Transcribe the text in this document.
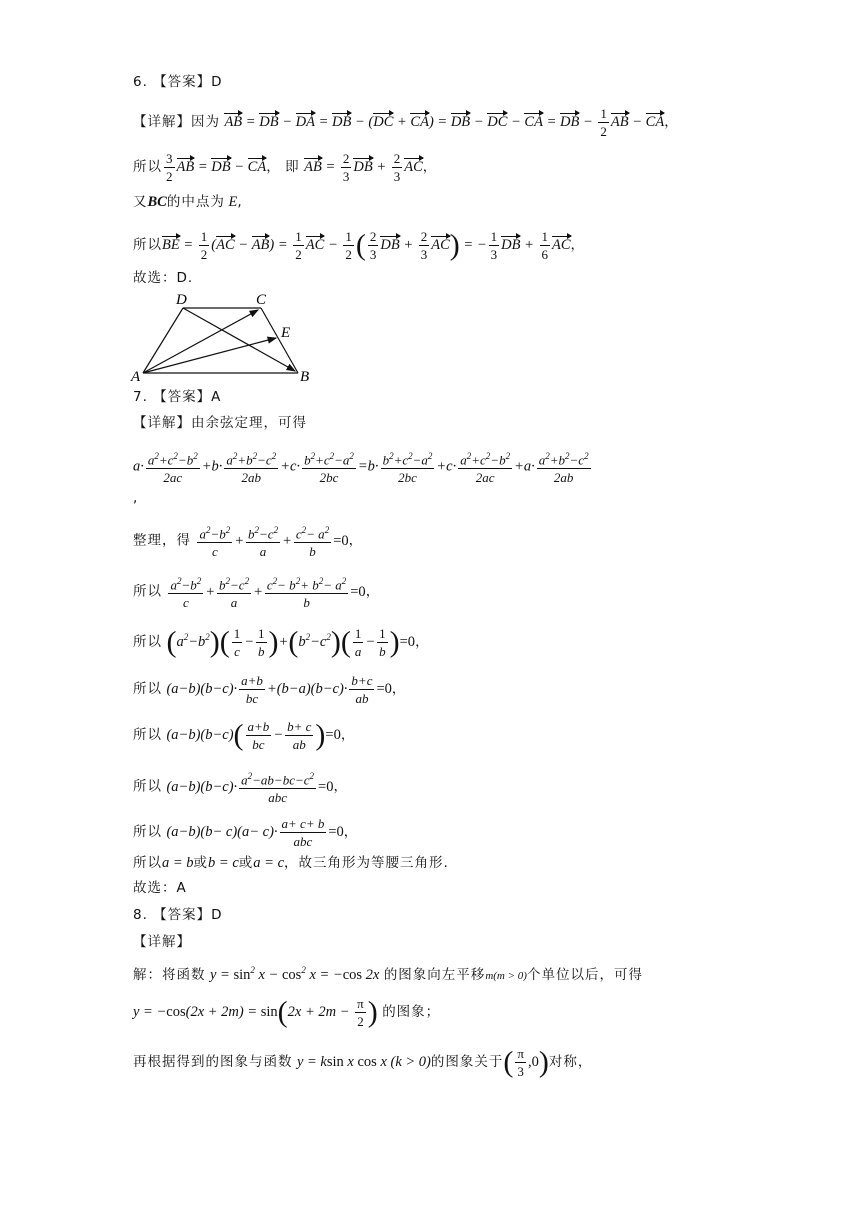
6. 【答案】D
【详解】因为 AB = DB − DA = DB − (DC + CA) = DB − DC − CA = DB − $\frac{1}{2}$ AB − CA，
所以 $\frac{3}{2}$ AB = DB − CA， 即 AB = $\frac{2}{3}$ DB + $\frac{2}{3}$ AC，
又BC的中点为 E,
所以BE = $\frac{1}{2} (AC - AB) = \frac{1}{2}$ AC − $\frac{1}{2}$ ( $\frac{2}{3}$ DB + $\frac{2}{3} AC$) = − $\frac{1}{3}$ DB + $\frac{1}{6}$ AC，
故选：D.
D	C
E
A	B
7. 【答案】A
【详解】由余弦定理，可得
$a\cdot \frac{a^2+c^2-b^2}{2ac} +b\cdot \frac{a^2+b^2-c^2}{2ab} +c\cdot \frac{b^2+c^2-a^2}{2bc} =b\cdot \frac{b^2+c^2-a^2}{2bc} +c\cdot \frac{a^2+c^2-b^2}{2ac} +a\cdot \frac{a^2+b^2-c^2}{2ab}$
,
整理，得 $\frac{a^2-b^2}{c} + \frac{b^2-c^2}{a} + \frac{c^2- a^2}{b} =0$，
所以 $\frac{a^2-b^2}{c} + \frac{b^2-c^2}{a} + \frac{c^2- b^2+ b^2- a^2}{b} =0$，
所以 $(a^2-b^2)( \frac{1}{c} - \frac{1}{b} )+(b^2-c^2)( \frac{1}{a} - \frac{1}{b} )=0$，
所以 $(a-b)(b-c)\cdot \frac{a+b}{bc} +(b-a)(b-c)\cdot \frac{b+c}{ab} =0$，
所以 $(a-b)(b-c)( \frac{a+b}{bc} - \frac{b+ c}{ab} )=0$，
所以 $(a-b)(b-c)\cdot \frac{a^2-ab-bc-c^2}{\text{abc}} =0$，
所以 $(a-b)(b- c)(a- c)\cdot \frac{a+ c+ b}{\text{abc}} =0$，
所以a = b或b = c或a = c，故三角形为等腰三角形.
故选：A
8. 【答案】D
【详解】
解：将函数 $y = \sin^2 x - \cos^2 x = -\cos$ 2x 的图象向左平移m(m > 0)个单位以后，可得
$y = -\cos(2x + 2m) = \sin(2x + 2m - \frac{\pi}{2}$ ) 的图象；
再根据得到的图象与函数 y = ksin x cos x (k > 0)的图象关于( $\frac{\pi}{3} ,0$)对称，
